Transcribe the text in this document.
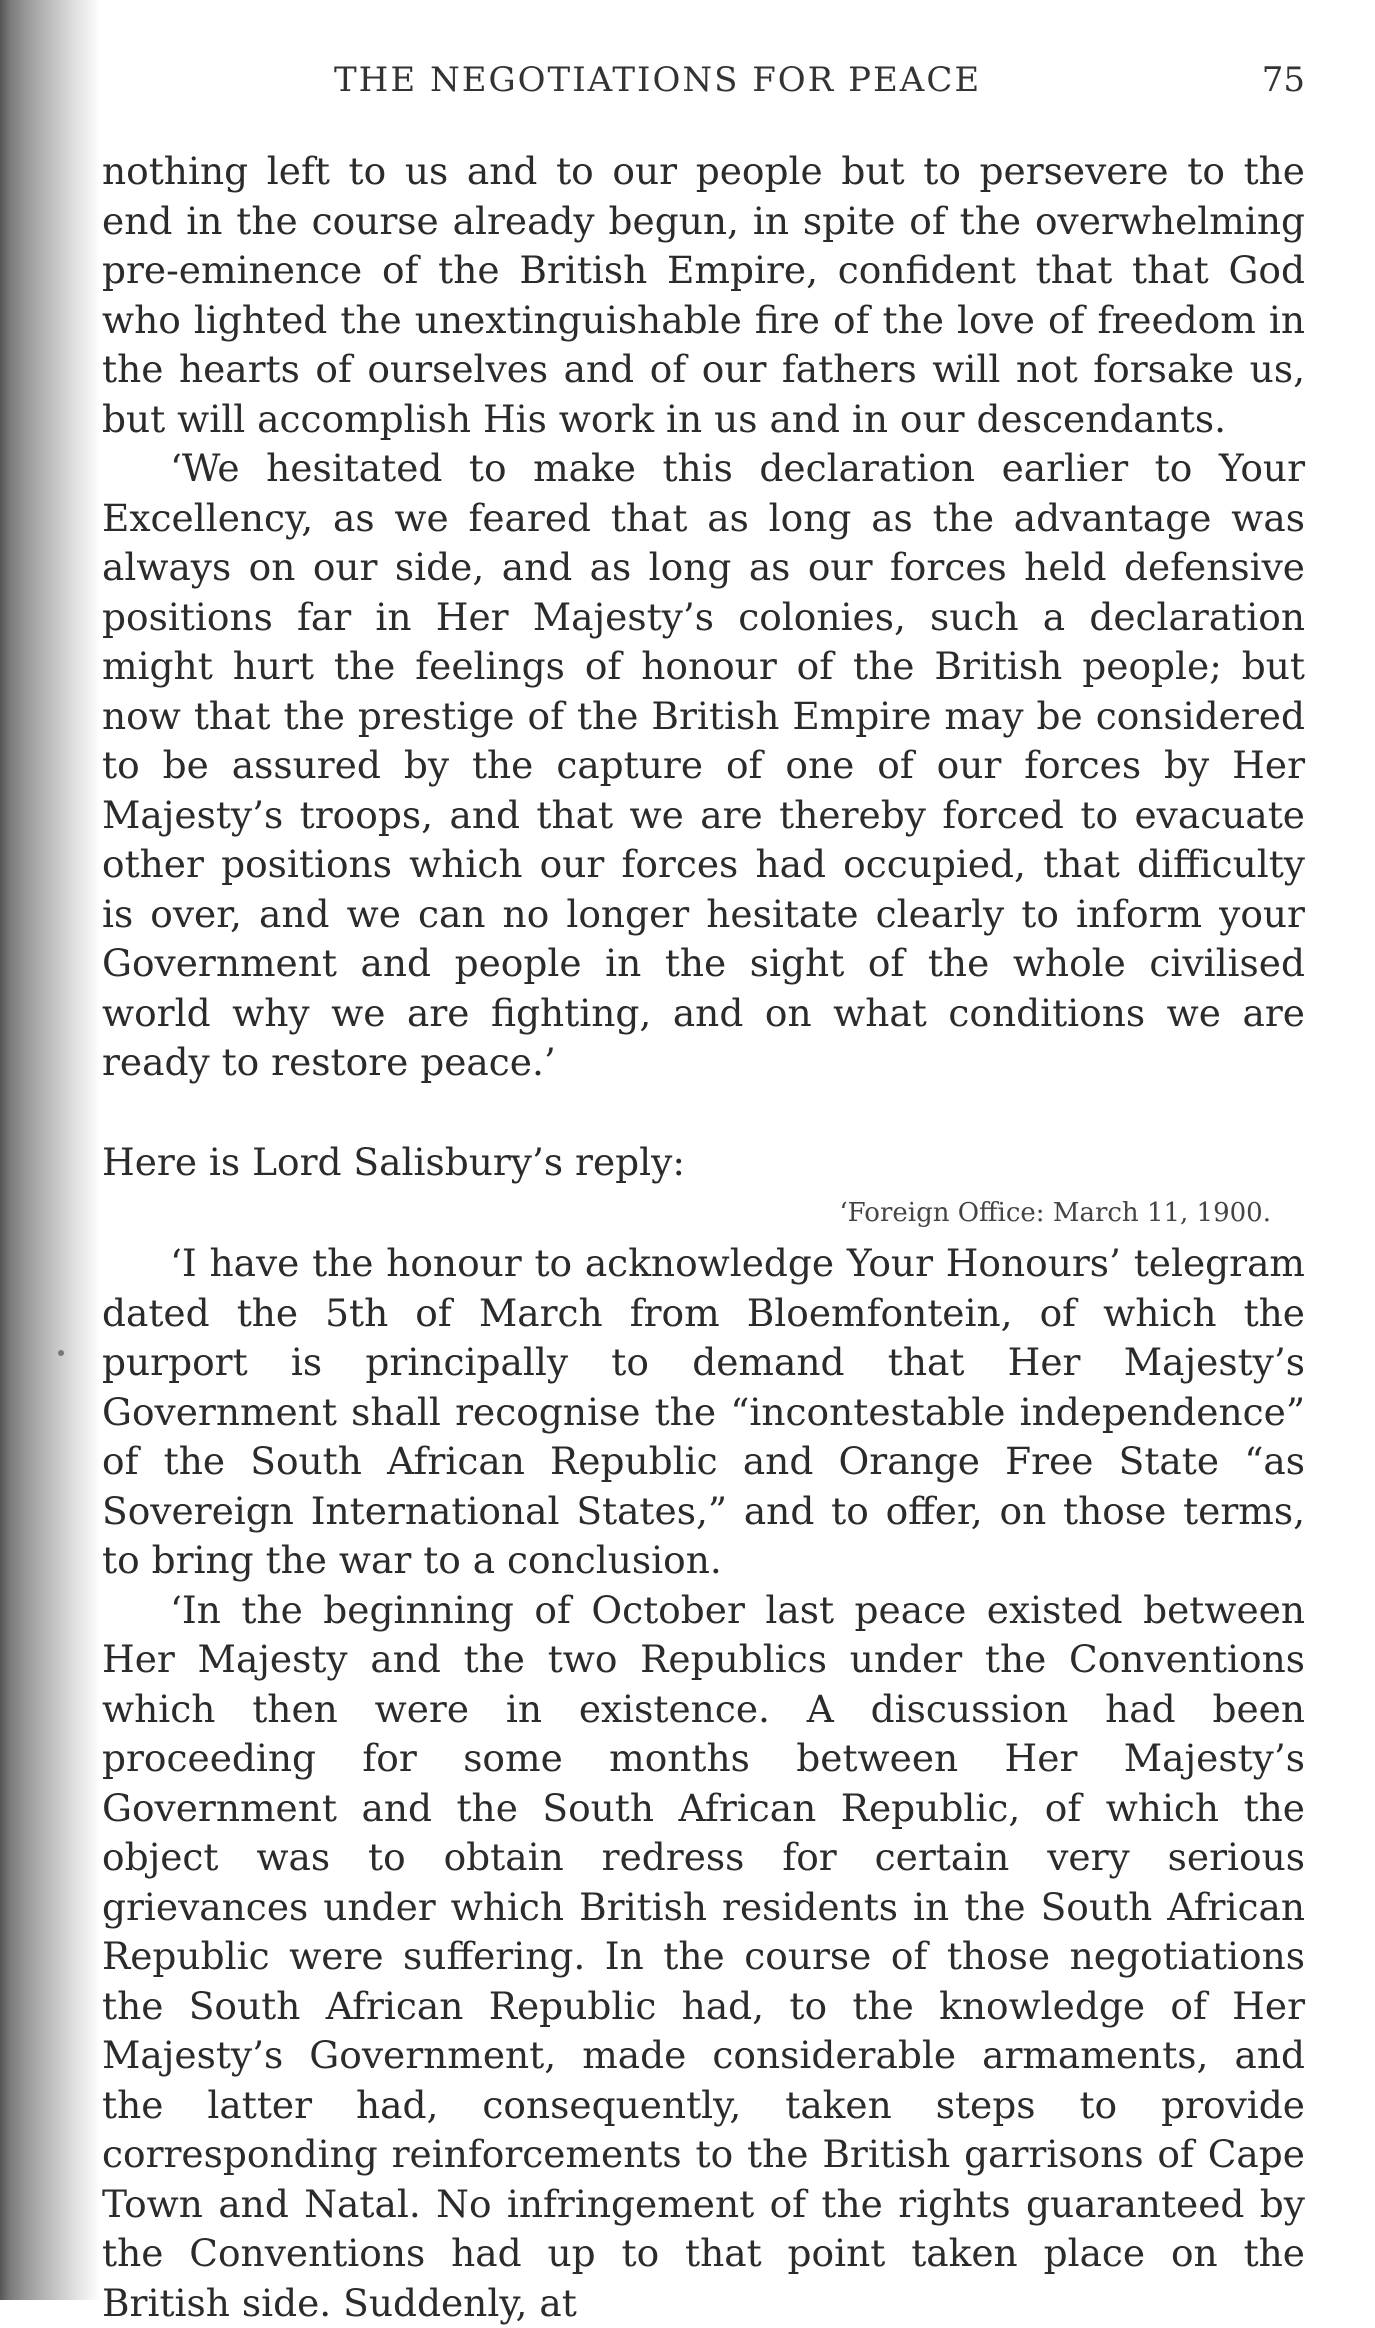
THE NEGOTIATIONS FOR PEACE	75

nothing left to us and to our people but to persevere to the end in the course already begun, in spite of the overwhelming pre-eminence of the British Empire, confident that that God who lighted the unextinguishable fire of the love of freedom in the hearts of ourselves and of our fathers will not forsake us, but will accomplish His work in us and in our descendants.

‘We hesitated to make this declaration earlier to Your Excellency, as we feared that as long as the advantage was always on our side, and as long as our forces held defensive positions far in Her Majesty’s colonies, such a declaration might hurt the feelings of honour of the British people; but now that the prestige of the British Empire may be considered to be assured by the capture of one of our forces by Her Majesty’s troops, and that we are thereby forced to evacuate other positions which our forces had occupied, that difficulty is over, and we can no longer hesitate clearly to inform your Government and people in the sight of the whole civilised world why we are fighting, and on what conditions we are ready to restore peace.’

Here is Lord Salisbury’s reply:

‘Foreign Office: March 11, 1900.

‘I have the honour to acknowledge Your Honours’ telegram dated the 5th of March from Bloemfontein, of which the purport is principally to demand that Her Majesty’s Government shall recognise the “incontestable independence” of the South African Republic and Orange Free State “as Sovereign International States,” and to offer, on those terms, to bring the war to a conclusion.

‘In the beginning of October last peace existed between Her Majesty and the two Republics under the Conventions which then were in existence. A discussion had been proceeding for some months between Her Majesty’s Government and the South African Republic, of which the object was to obtain redress for certain very serious grievances under which British residents in the South African Republic were suffering. In the course of those negotiations the South African Republic had, to the knowledge of Her Majesty’s Government, made considerable armaments, and the latter had, consequently, taken steps to provide corresponding reinforcements to the British garrisons of Cape Town and Natal. No infringement of the rights guaranteed by the Conventions had up to that point taken place on the British side. Suddenly, at
